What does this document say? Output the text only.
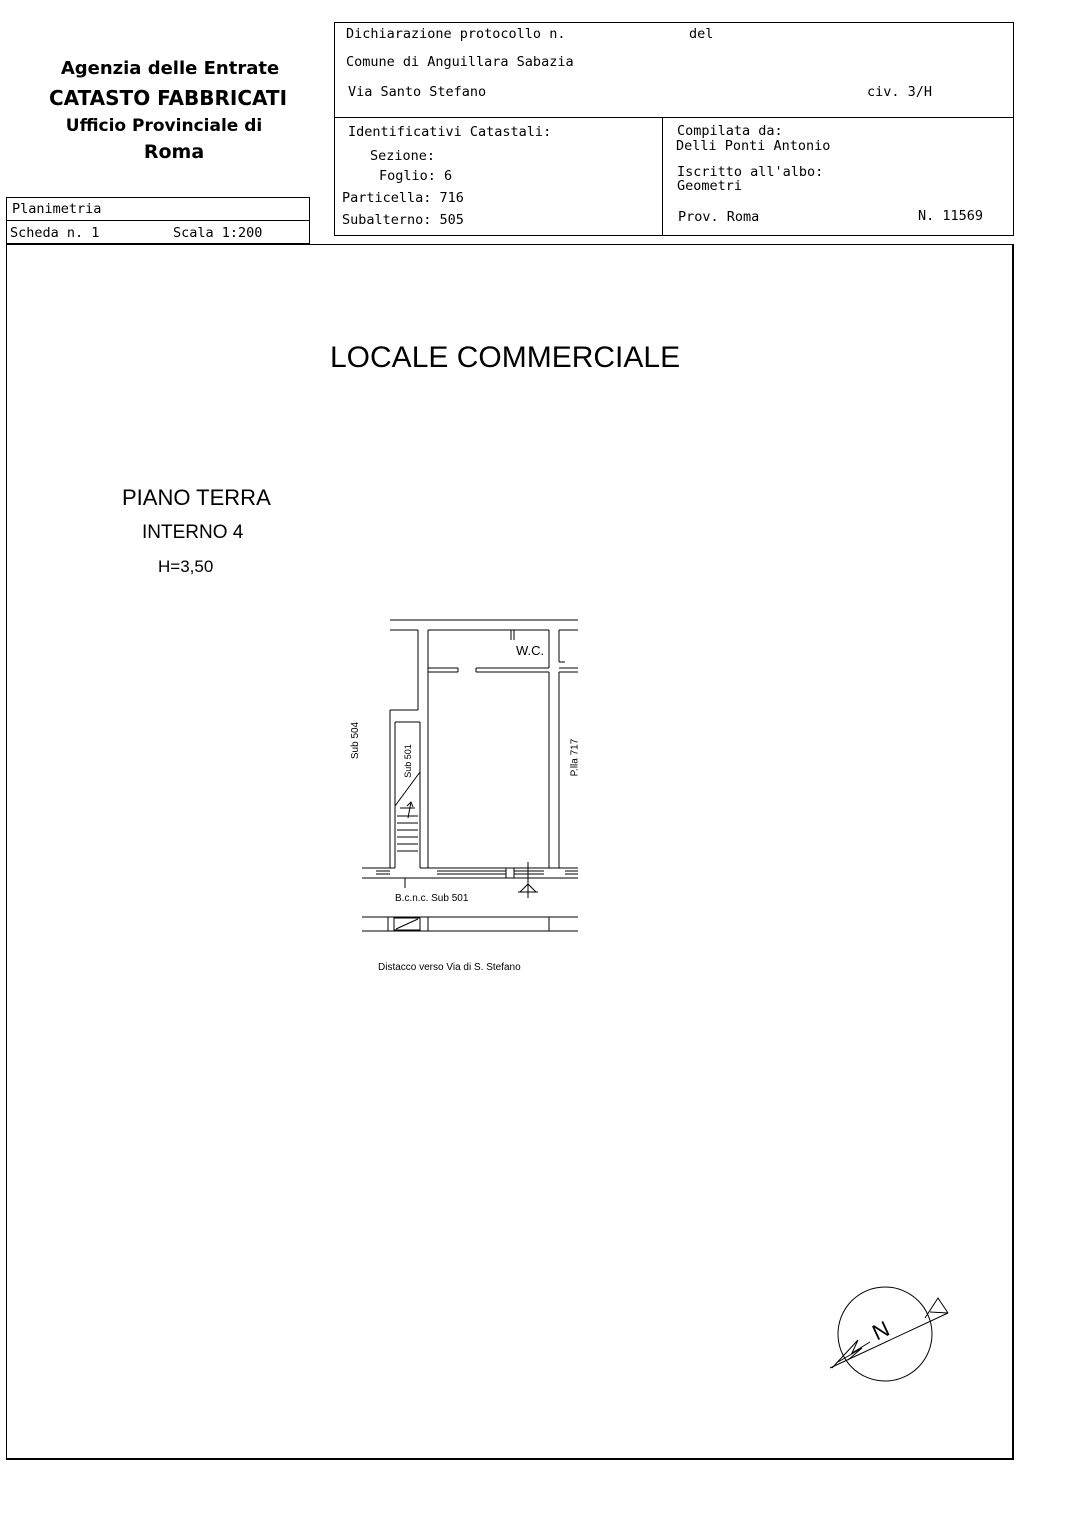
Agenzia delle Entrate
CATASTO FABBRICATI
Ufficio Provinciale di
Roma
Planimetria
Scheda n. 1	Scala 1:200
Dichiarazione protocollo n.	del
Comune di Anguillara Sabazia
Via Santo Stefano	civ. 3/H
Identificativi Catastali:
Sezione:
Foglio: 6
Particella: 716
Subalterno: 505
Compilata da:
Delli Ponti Antonio
Iscritto all'albo:
Geometri
Prov. Roma	N. 11569
LOCALE COMMERCIALE
PIANO TERRA
INTERNO 4
H=3,50
W.C.
Sub 504
Sub 501	P.lla 717
B.c.n.c. Sub 501
Distacco verso Via di S. Stefano
N
